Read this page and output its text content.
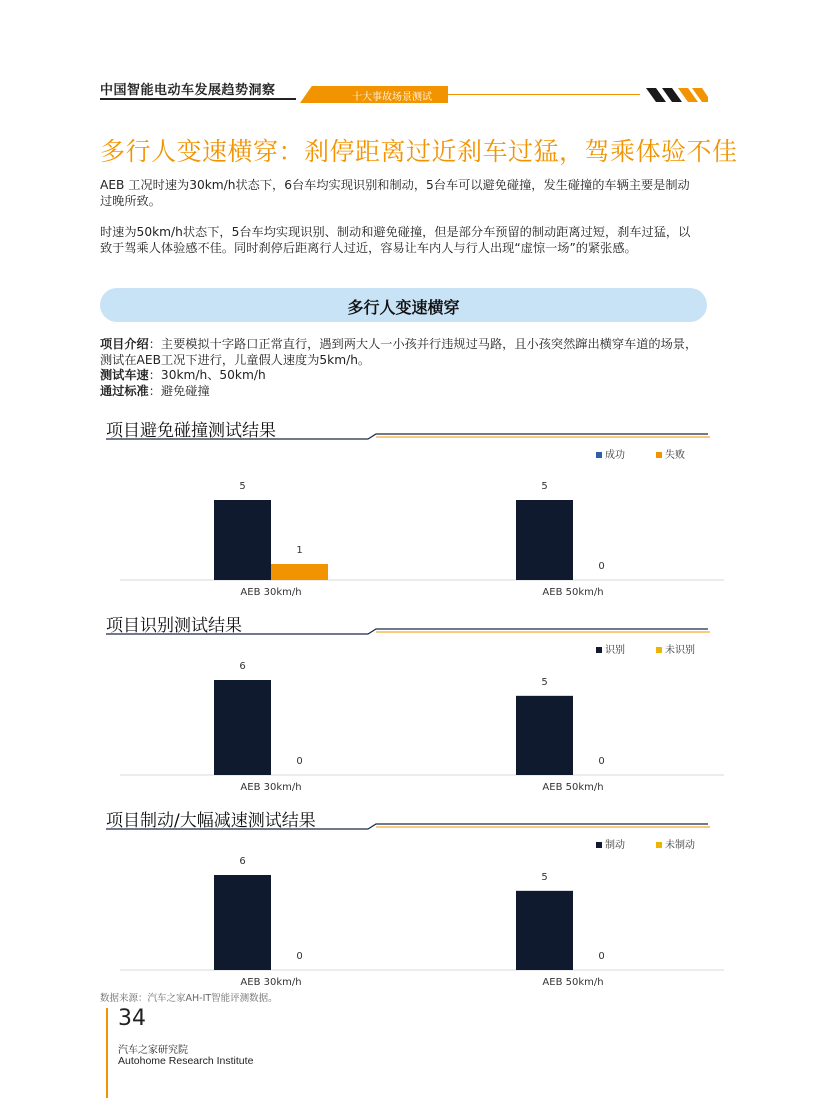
中国智能电动车发展趋势洞察	十大事故场景测试
多行人变速横穿：刹停距离过近刹车过猛，驾乘体验不佳
AEB 工况时速为30km/h状态下，6台车均实现识别和制动，5台车可以避免碰撞，发生碰撞的车辆主要是制动过晚所致。
时速为50km/h状态下，5台车均实现识别、制动和避免碰撞，但是部分车预留的制动距离过短，刹车过猛，以致于驾乘人体验感不佳。同时刹停后距离行人过近，容易让车内人与行人出现“虚惊一场”的紧张感。
多行人变速横穿
项目介绍：主要模拟十字路口正常直行，遇到两大人一小孩并行违规过马路，且小孩突然蹿出横穿车道的场景，测试在AEB工况下进行，儿童假人速度为5km/h。
测试车速：30km/h、50km/h
通过标准：避免碰撞
项目避免碰撞测试结果
项目识别测试结果
项目制动/大幅减速测试结果
成功	失败
5
1
AEB 30km/h
5
0
AEB 50km/h
识别	未识别
6
0
AEB 30km/h
5
0
AEB 50km/h
制动	未制动
6
0
AEB 30km/h
5
0
AEB 50km/h
数据来源：汽车之家AH-IT智能评测数据。
34
汽车之家研究院
Autohome Research Institute
